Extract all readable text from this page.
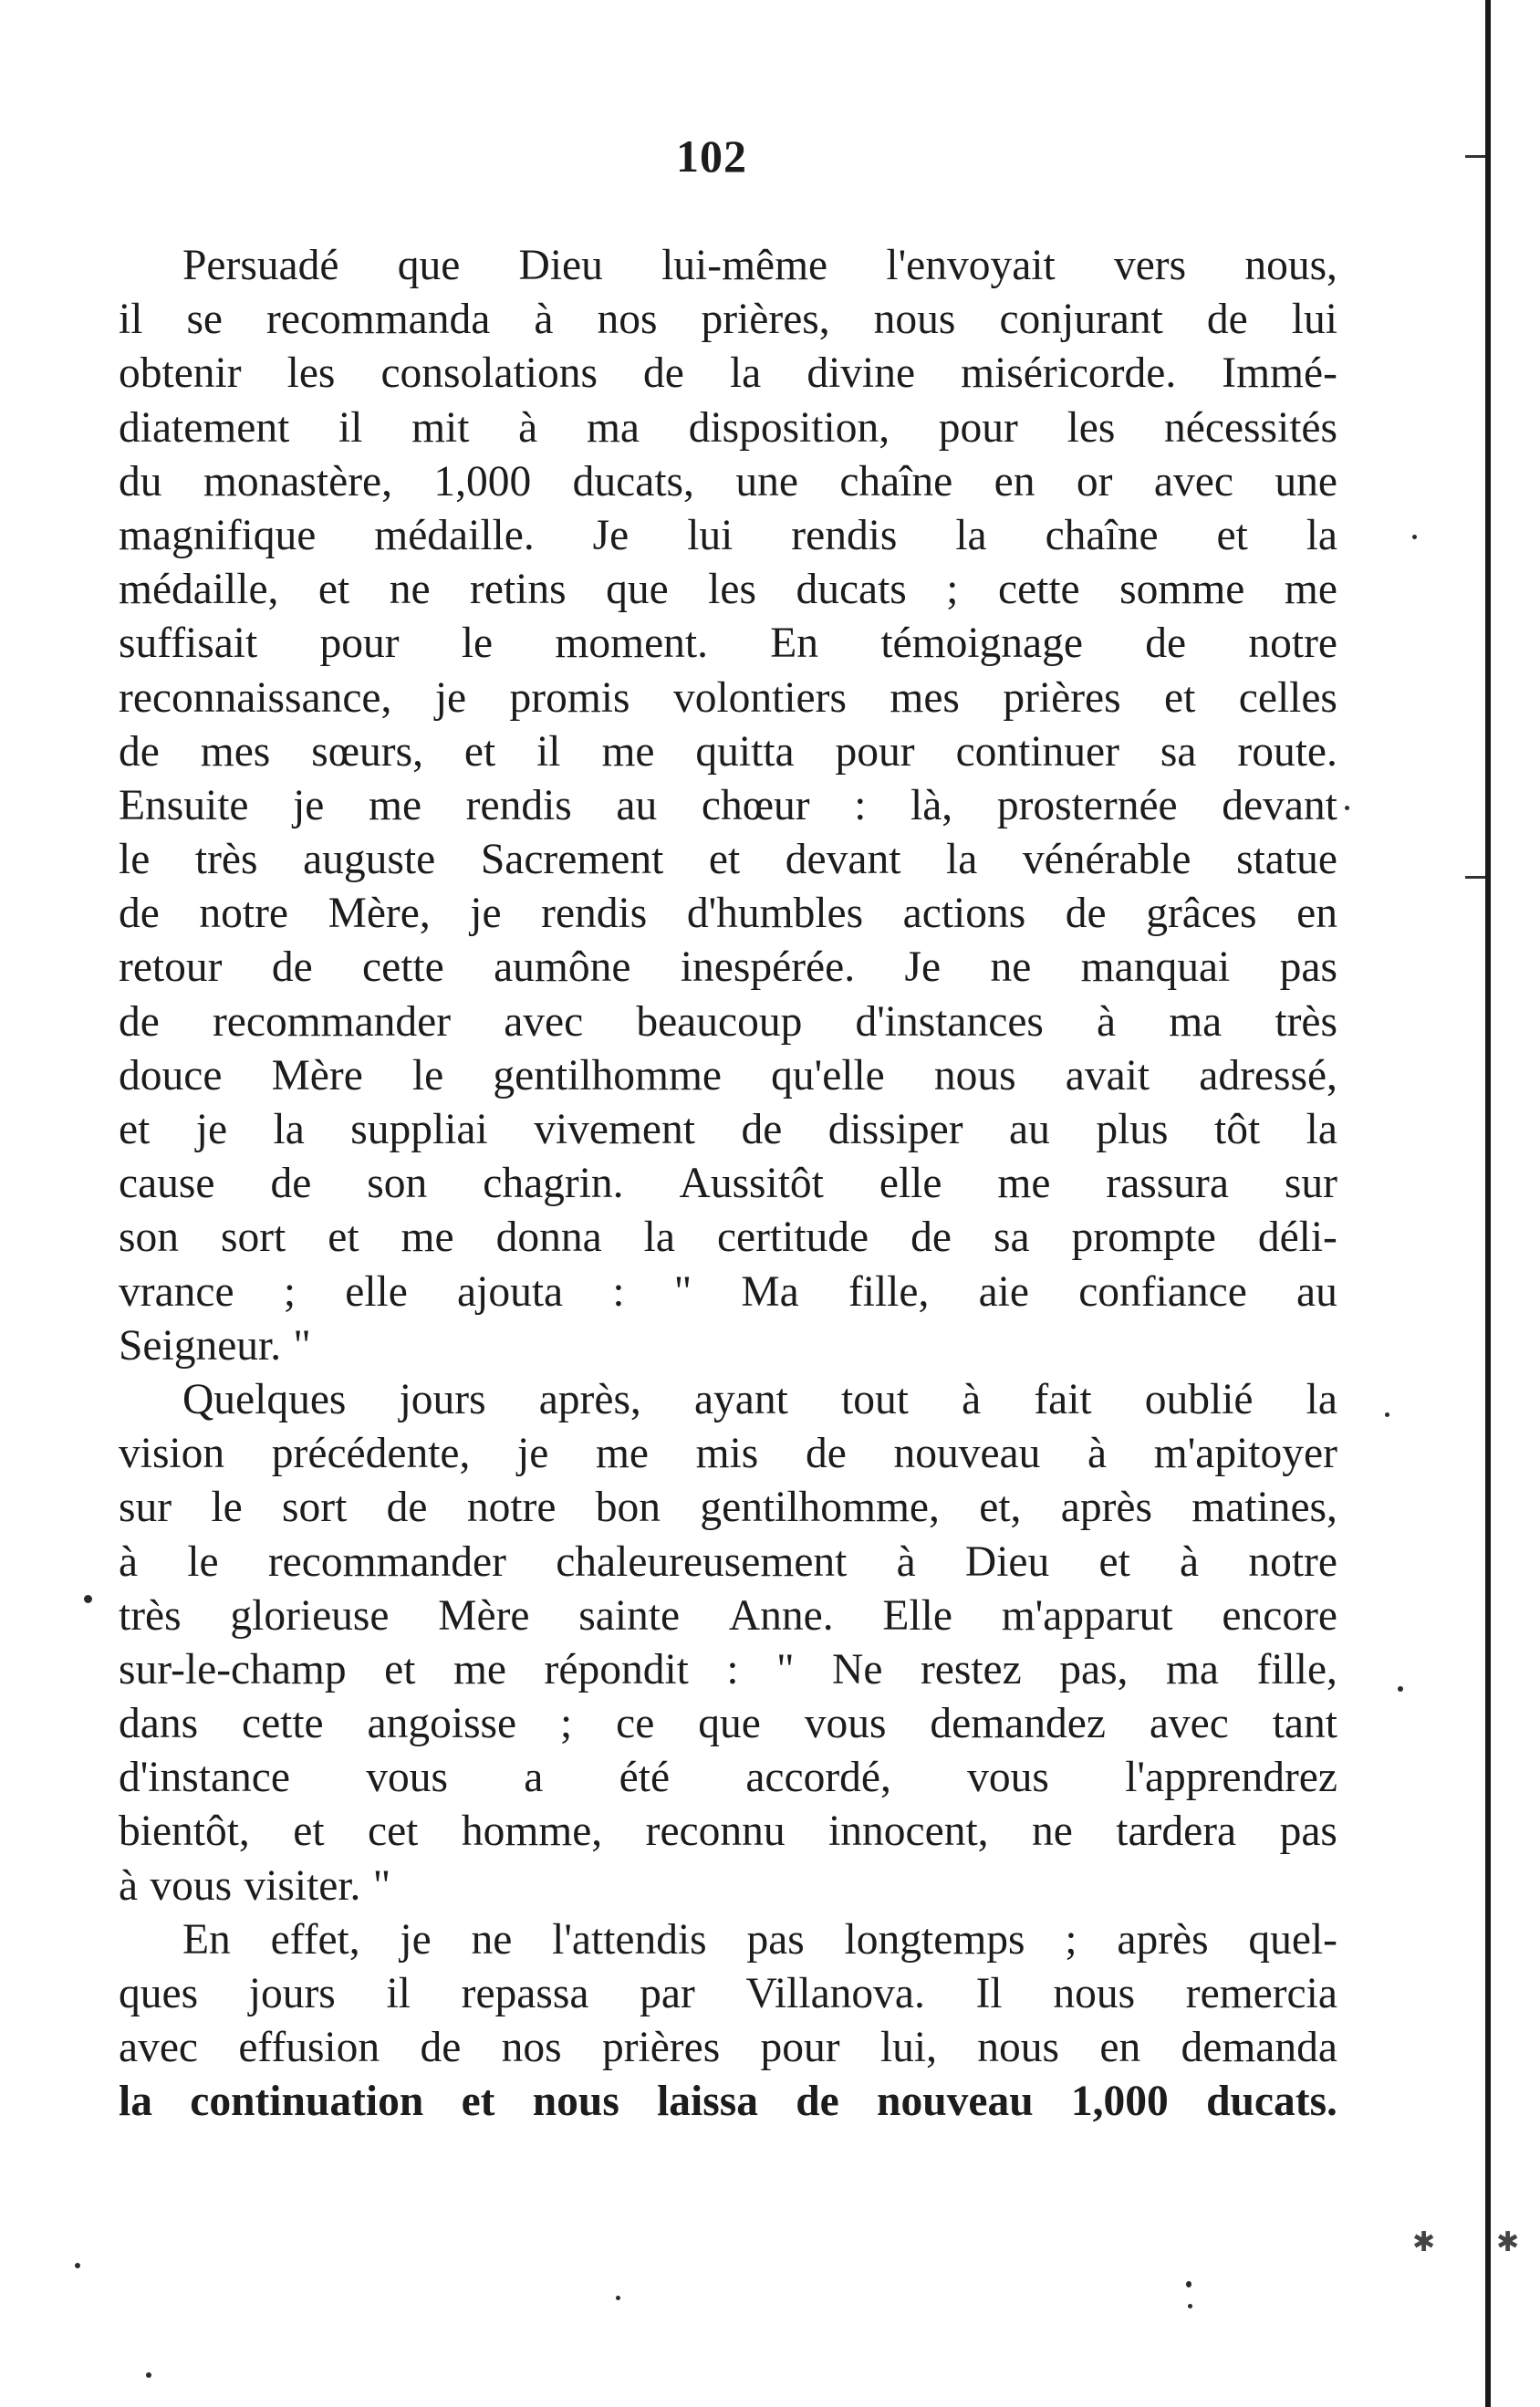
102
Persuadé que Dieu lui-même l'envoyait vers nous,
il se recommanda à nos prières, nous conjurant de lui
obtenir les consolations de la divine miséricorde. Immé-
diatement il mit à ma disposition, pour les nécessités
du monastère, 1,000 ducats, une chaîne en or avec une
magnifique médaille. Je lui rendis la chaîne et la
médaille, et ne retins que les ducats ; cette somme me
suffisait pour le moment. En témoignage de notre
reconnaissance, je promis volontiers mes prières et celles
de mes sœurs, et il me quitta pour continuer sa route.
Ensuite je me rendis au chœur : là, prosternée devant
le très auguste Sacrement et devant la vénérable statue
de notre Mère, je rendis d'humbles actions de grâces en
retour de cette aumône inespérée. Je ne manquai pas
de recommander avec beaucoup d'instances à ma très
douce Mère le gentilhomme qu'elle nous avait adressé,
et je la suppliai vivement de dissiper au plus tôt la
cause de son chagrin. Aussitôt elle me rassura sur
son sort et me donna la certitude de sa prompte déli-
vrance ; elle ajouta : " Ma fille, aie confiance au
Seigneur. "
Quelques jours après, ayant tout à fait oublié la
vision précédente, je me mis de nouveau à m'apitoyer
sur le sort de notre bon gentilhomme, et, après matines,
à le recommander chaleureusement à Dieu et à notre
très glorieuse Mère sainte Anne. Elle m'apparut encore
sur-le-champ et me répondit : " Ne restez pas, ma fille,
dans cette angoisse ; ce que vous demandez avec tant
d'instance vous a été accordé, vous l'apprendrez
bientôt, et cet homme, reconnu innocent, ne tardera pas
à vous visiter. "
En effet, je ne l'attendis pas longtemps ; après quel-
ques jours il repassa par Villanova. Il nous remercia
avec effusion de nos prières pour lui, nous en demanda
la continuation et nous laissa de nouveau 1,000 ducats.
✱ ✱
